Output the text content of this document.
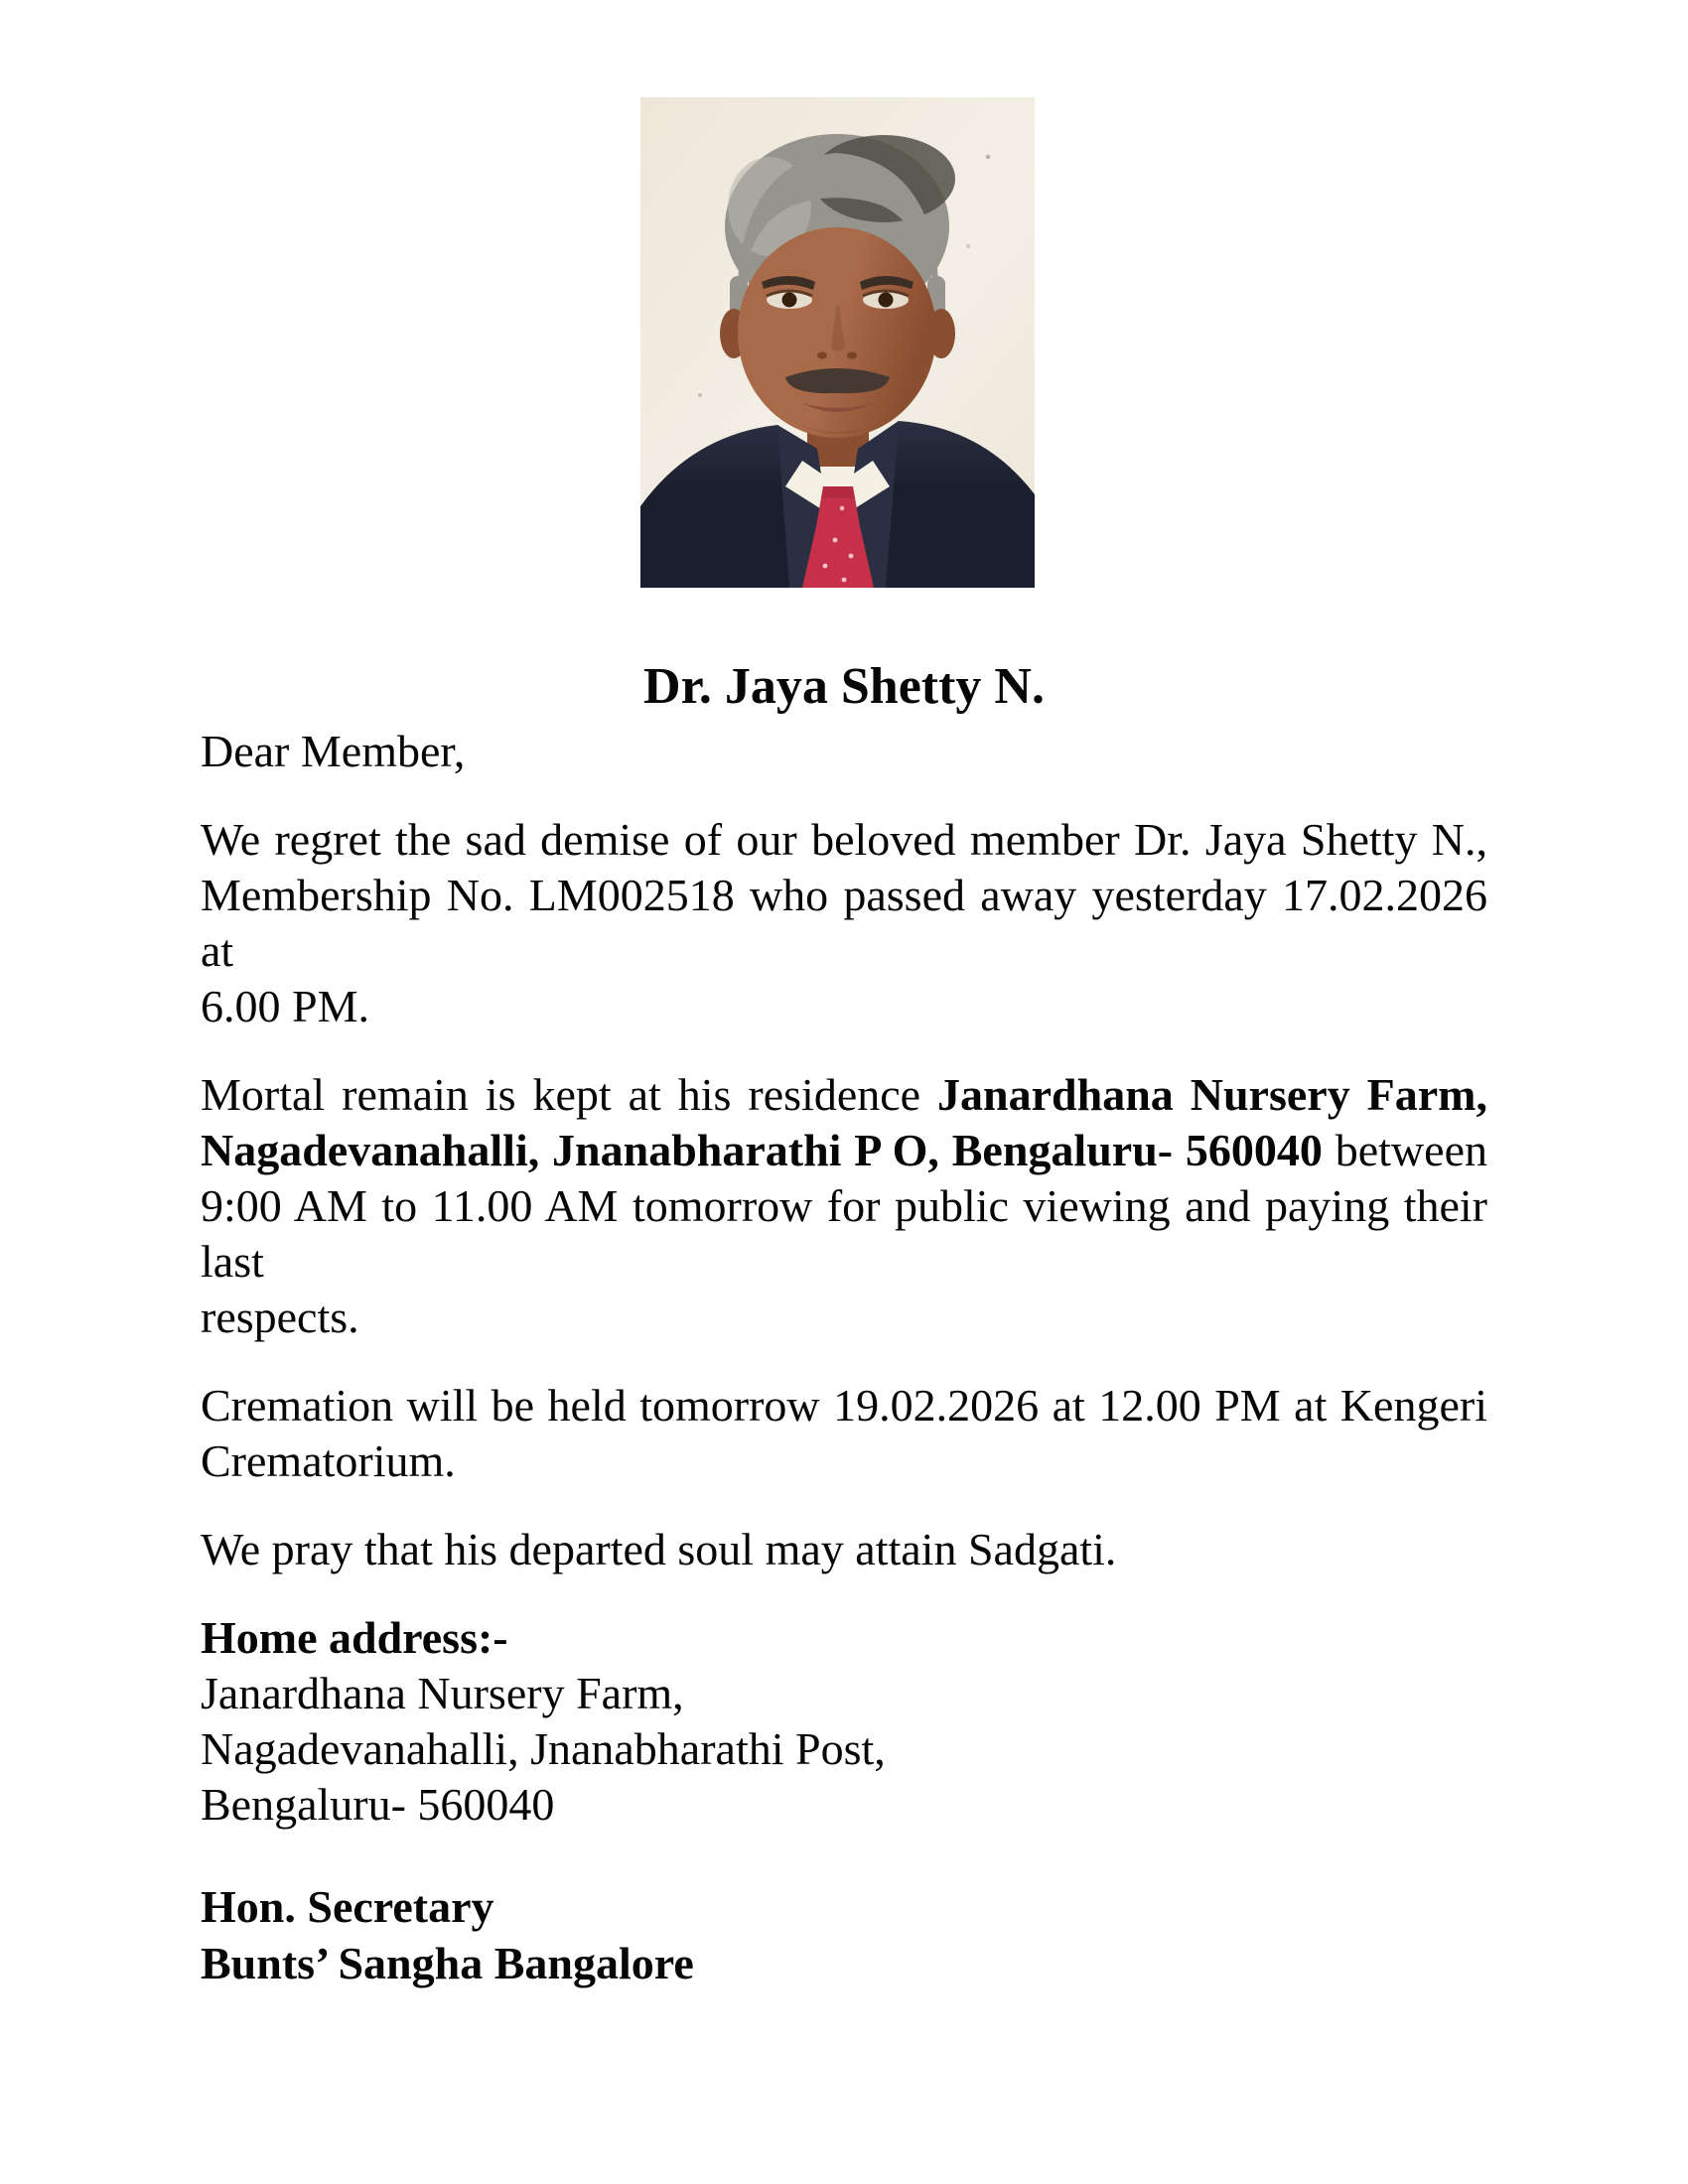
Dr. Jaya Shetty N.
Dear Member,
We regret the sad demise of our beloved member Dr. Jaya Shetty N.,
Membership No. LM002518 who passed away yesterday 17.02.2026 at
6.00 PM.
Mortal remain is kept at his residence Janardhana Nursery Farm,
Nagadevanahalli, Jnanabharathi P O, Bengaluru- 560040 between
9:00 AM to 11.00 AM tomorrow for public viewing and paying their last
respects.
Cremation will be held tomorrow 19.02.2026 at 12.00 PM at Kengeri
Crematorium.
We pray that his departed soul may attain Sadgati.
Home address:-
Janardhana Nursery Farm,
Nagadevanahalli, Jnanabharathi Post,
Bengaluru- 560040
Hon. Secretary
Bunts’ Sangha Bangalore
